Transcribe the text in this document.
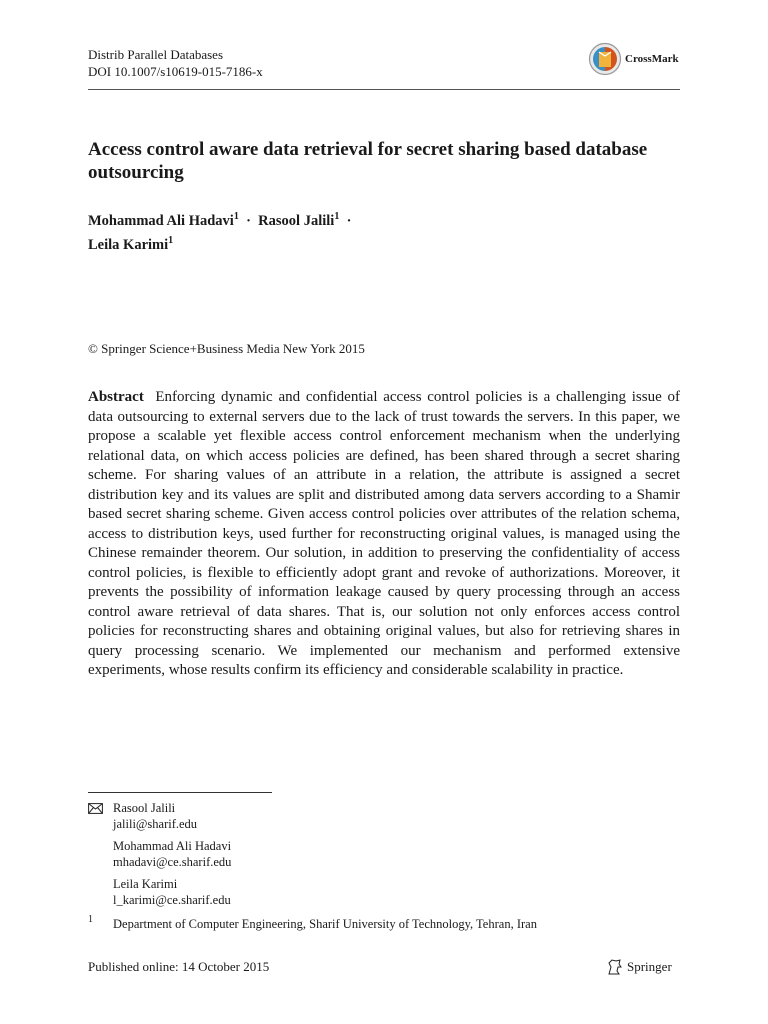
Distrib Parallel Databases
DOI 10.1007/s10619-015-7186-x
CrossMark
Access control aware data retrieval for secret sharing based database outsourcing
Mohammad Ali Hadavi$^1$ · Rasool Jalili$^1$ ·
Leila Karimi$^1$
© Springer Science+Business Media New York 2015
Abstract Enforcing dynamic and confidential access control policies is a challenging issue of data outsourcing to external servers due to the lack of trust towards the servers. In this paper, we propose a scalable yet flexible access control enforcement mechanism when the underlying relational data, on which access policies are defined, has been shared through a secret sharing scheme. For sharing values of an attribute in a relation, the attribute is assigned a secret distribution key and its values are split and distributed among data servers according to a Shamir based secret sharing scheme. Given access control policies over attributes of the relation schema, access to distribution keys, used further for reconstructing original values, is managed using the Chinese remainder theorem. Our solution, in addition to preserving the confidentiality of access control policies, is flexible to efficiently adopt grant and revoke of authorizations. Moreover, it prevents the possibility of information leakage caused by query processing through an access control aware retrieval of data shares. That is, our solution not only enforces access control policies for reconstructing shares and obtaining original values, but also for retrieving shares in query processing scenario. We implemented our mechanism and performed extensive experiments, whose results confirm its efficiency and considerable scalability in practice.
Rasool Jalili
jalili@sharif.edu
Mohammad Ali Hadavi
mhadavi@ce.sharif.edu
Leila Karimi
l_karimi@ce.sharif.edu
1 Department of Computer Engineering, Sharif University of Technology, Tehran, Iran
Published online: 14 October 2015	Springer
